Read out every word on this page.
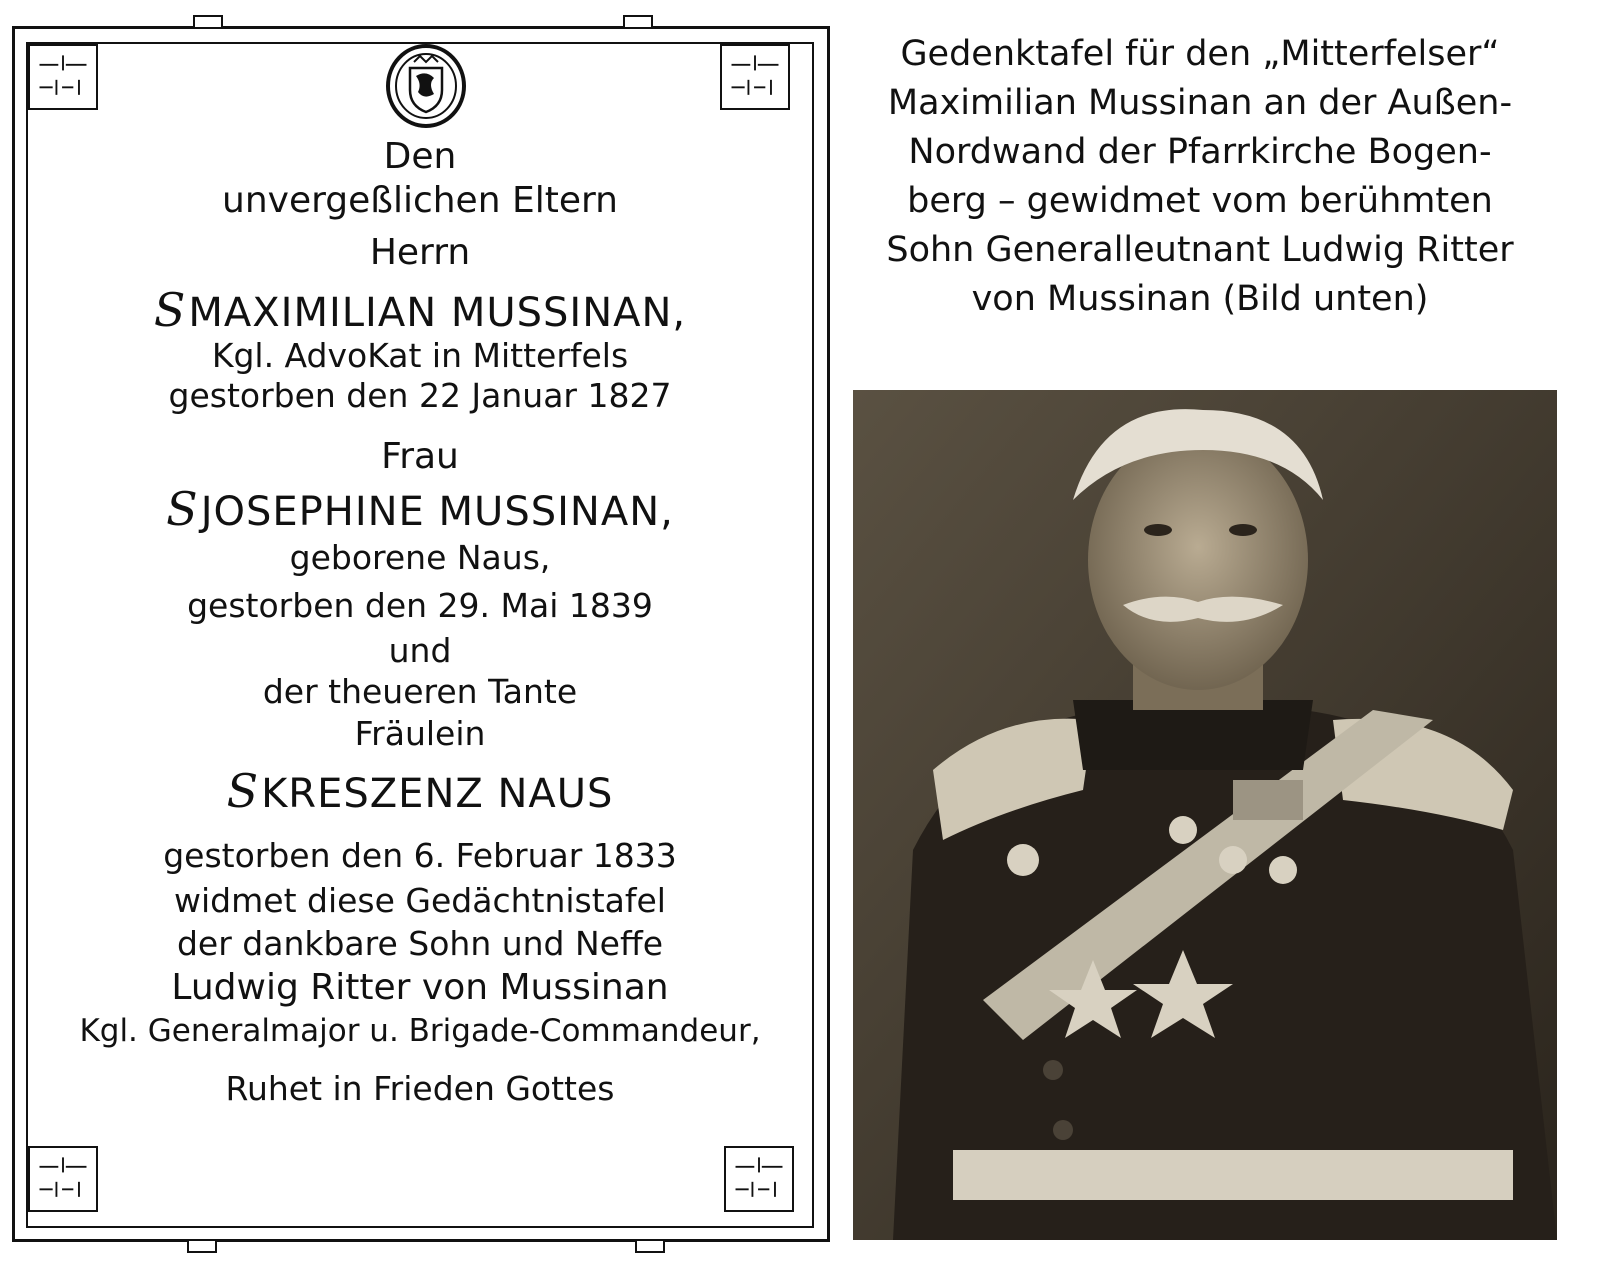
Den
unvergeßlichen Eltern
Herrn
SMAXIMILIAN MUSSINAN,
Kgl. AdvoKat in Mitterfels
gestorben den 22 Januar 1827
Frau
SJOSEPHINE MUSSINAN,
geborene Naus,
gestorben den 29. Mai 1839
und
der theueren Tante
Fräulein
SKRESZENZ NAUS
gestorben den 6. Februar 1833
widmet diese Gedächtnistafel
der dankbare Sohn und Neffe
Ludwig Ritter von Mussinan
Kgl. Generalmajor u. Brigade-Commandeur,
Ruhet in Frieden Gottes
Gedenktafel für den „Mitterfelser“
Maximilian Mussinan an der Außen-
Nordwand der Pfarrkirche Bogen-
berg – gewidmet vom berühmten
Sohn Generalleutnant Ludwig Ritter
von Mussinan (Bild unten)
